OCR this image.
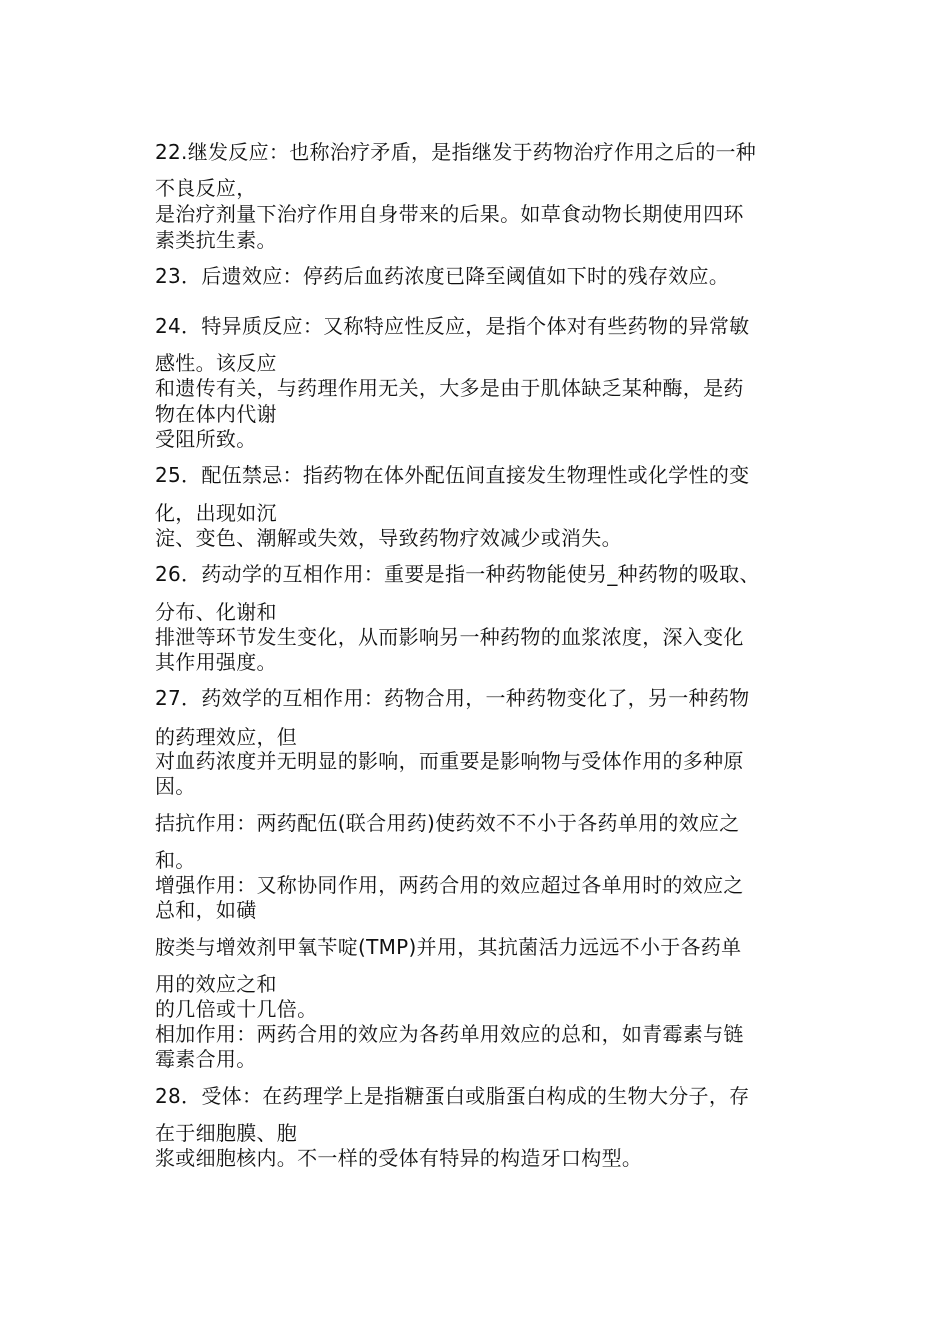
22.继发反应：也称治疗矛盾，是指继发于药物治疗作用之后的一种
不良反应，
是治疗剂量下治疗作用自身带来的后果。如草食动物长期使用四环
素类抗生素。
23．后遗效应：停药后血药浓度已降至阈值如下时的残存效应。
24．特异质反应：又称特应性反应，是指个体对有些药物的异常敏
感性。该反应
和遗传有关，与药理作用无关，大多是由于肌体缺乏某种酶，是药
物在体内代谢
受阻所致。
25．配伍禁忌：指药物在体外配伍间直接发生物理性或化学性的变
化，出现如沉
淀、变色、潮解或失效，导致药物疗效减少或消失。
26．药动学的互相作用：重要是指一种药物能使另_种药物的吸取、
分布、化谢和
排泄等环节发生变化，从而影响另一种药物的血浆浓度，深入变化
其作用强度。
27．药效学的互相作用：药物合用，一种药物变化了，另一种药物
的药理效应，但
对血药浓度并无明显的影响，而重要是影响物与受体作用的多种原
因。
拮抗作用：两药配伍(联合用药)使药效不不小于各药单用的效应之
和。
增强作用：又称协同作用，两药合用的效应超过各单用时的效应之
总和，如磺
胺类与增效剂甲氧苄啶(TMP)并用，其抗菌活力远远不小于各药单
用的效应之和
的几倍或十几倍。
相加作用：两药合用的效应为各药单用效应的总和，如青霉素与链
霉素合用。
28．受体：在药理学上是指糖蛋白或脂蛋白构成的生物大分子，存
在于细胞膜、胞
浆或细胞核内。不一样的受体有特异的构造牙口构型。
